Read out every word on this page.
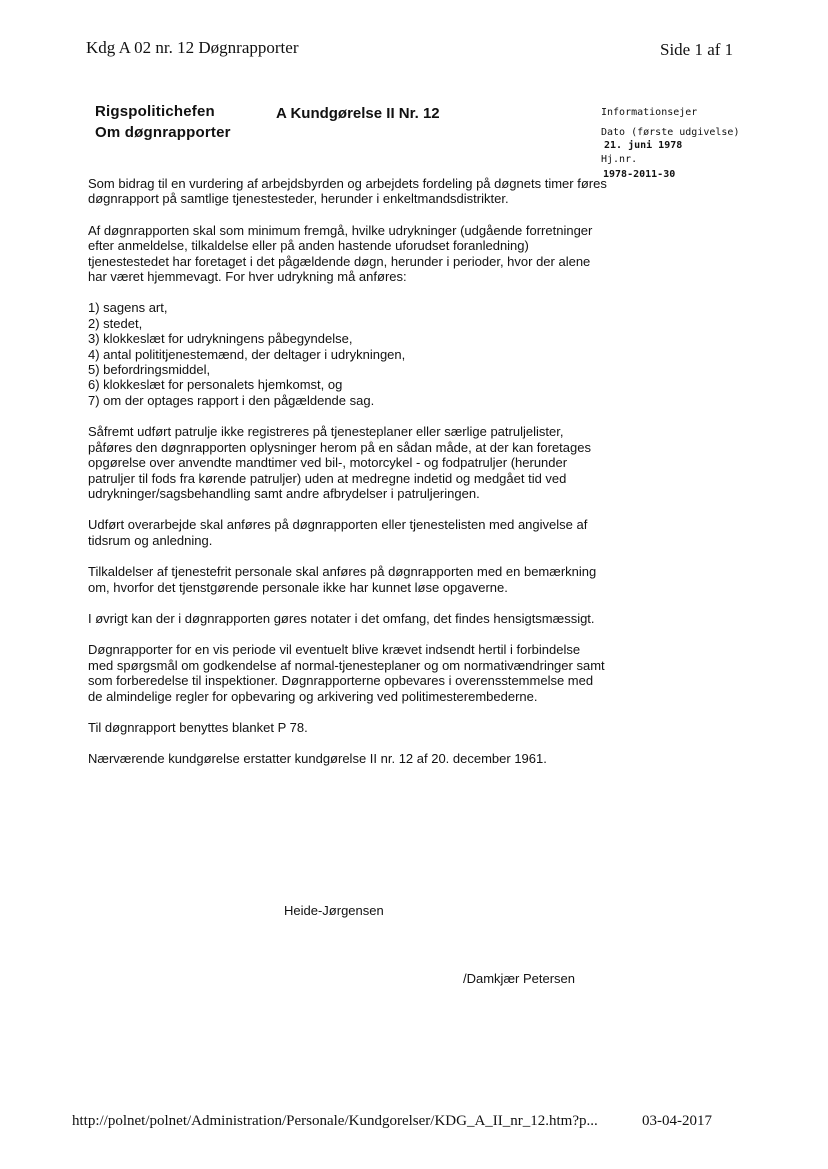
Kdg A 02 nr. 12 Døgnrapporter	Side 1 af 1
Rigspolitichefen
Om døgnrapporter
A Kundgørelse II Nr. 12	Informationsejer
Dato (første udgivelse)
21. juni 1978
Hj.nr.
1978-2011-30

Som bidrag til en vurdering af arbejdsbyrden og arbejdets fordeling på døgnets timer føres døgnrapport på samtlige tjenestesteder, herunder i enkeltmandsdistrikter.

Af døgnrapporten skal som minimum fremgå, hvilke udrykninger (udgående forretninger efter anmeldelse, tilkaldelse eller på anden hastende uforudset foranledning) tjenestestedet har foretaget i det pågældende døgn, herunder i perioder, hvor der alene har været hjemmevagt. For hver udrykning må anføres:

1) sagens art,
2) stedet,
3) klokkeslæt for udrykningens påbegyndelse,
4) antal polititjenestemænd, der deltager i udrykningen,
5) befordringsmiddel,
6) klokkeslæt for personalets hjemkomst, og
7) om der optages rapport i den pågældende sag.

Såfremt udført patrulje ikke registreres på tjenesteplaner eller særlige patruljelister, påføres den døgnrapporten oplysninger herom på en sådan måde, at der kan foretages opgørelse over anvendte mandtimer ved bil-, motorcykel - og fodpatruljer (herunder patruljer til fods fra kørende patruljer) uden at medregne indetid og medgået tid ved udrykninger/sagsbehandling samt andre afbrydelser i patruljeringen.

Udført overarbejde skal anføres på døgnrapporten eller tjenestelisten med angivelse af tidsrum og anledning.

Tilkaldelser af tjenestefrit personale skal anføres på døgnrapporten med en bemærkning om, hvorfor det tjenstgørende personale ikke har kunnet løse opgaverne.

I øvrigt kan der i døgnrapporten gøres notater i det omfang, det findes hensigtsmæssigt.

Døgnrapporter for en vis periode vil eventuelt blive krævet indsendt hertil i forbindelse med spørgsmål om godkendelse af normal-tjenesteplaner og om normativændringer samt som forberedelse til inspektioner. Døgnrapporterne opbevares i overensstemmelse med de almindelige regler for opbevaring og arkivering ved politimesterembederne.

Til døgnrapport benyttes blanket P 78.

Nærværende kundgørelse erstatter kundgørelse II nr. 12 af 20. december 1961.

Heide-Jørgensen
/Damkjær Petersen
http://polnet/polnet/Administration/Personale/Kundgorelser/KDG_A_II_nr_12.htm?p...	03-04-2017
